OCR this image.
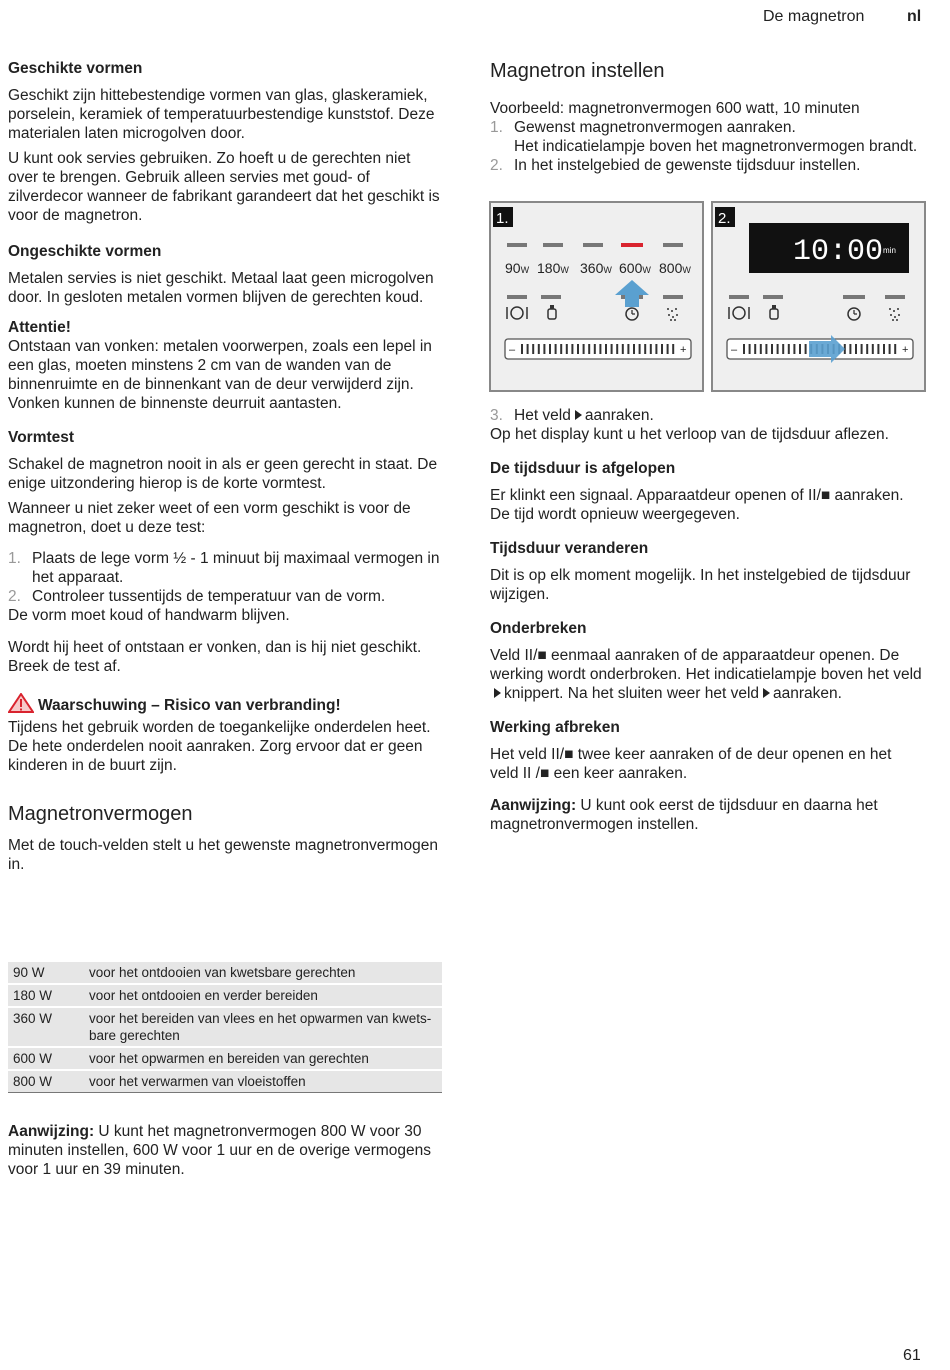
De magnetron	nl

Geschikte vormen

Geschikt zijn hittebestendige vormen van glas, glaskeramiek, porselein, keramiek of temperatuurbestendige kunststof. Deze materialen laten microgolven door.

U kunt ook servies gebruiken. Zo hoeft u de gerechten niet over te brengen. Gebruik alleen servies met goud- of zilverdecor wanneer de fabrikant garandeert dat het geschikt is voor de magnetron.

Ongeschikte vormen

Metalen servies is niet geschikt. Metaal laat geen microgolven door. In gesloten metalen vormen blijven de gerechten koud.

Attentie!

Ontstaan van vonken: metalen voorwerpen, zoals een lepel in een glas, moeten minstens 2 cm van de wanden van de binnenruimte en de binnenkant van de deur verwijderd zijn. Vonken kunnen de binnenste deurruit aantasten.

Vormtest

Schakel de magnetron nooit in als er geen gerecht in staat. De enige uitzondering hierop is de korte vormtest.

Wanneer u niet zeker weet of een vorm geschikt is voor de magnetron, doet u deze test:

1. Plaats de lege vorm ½ - 1 minuut bij maximaal vermogen in het apparaat.
2. Controleer tussentijds de temperatuur van de vorm.

De vorm moet koud of handwarm blijven.

Wordt hij heet of ontstaan er vonken, dan is hij niet geschikt.

Breek de test af.

Waarschuwing – Risico van verbranding!

Tijdens het gebruik worden de toegankelijke onderdelen heet. De hete onderdelen nooit aanraken. Zorg ervoor dat er geen kinderen in de buurt zijn.

Magnetronvermogen

Met de touch-velden stelt u het gewenste magnetronvermogen in.

90 W	voor het ontdooien van kwetsbare gerechten
180 W	voor het ontdooien en verder bereiden
360 W	voor het bereiden van vlees en het opwarmen van kwets-bare gerechten
600 W	voor het opwarmen en bereiden van gerechten
800 W	voor het verwarmen van vloeistoffen

Aanwijzing: U kunt het magnetronvermogen 800 W voor 30 minuten instellen, 600 W voor 1 uur en de overige vermogens voor 1 uur en 39 minuten.

Magnetron instellen

Voorbeeld: magnetronvermogen 600 watt, 10 minuten

1. Gewenst magnetronvermogen aanraken.
Het indicatielampje boven het magnetronvermogen brandt.
2. In het instelgebied de gewenste tijdsduur instellen.
1.
90W 180W 360W 600W 800W
–	+
2.
10:00 min
–	+
3. Het veld aanraken.

Op het display kunt u het verloop van de tijdsduur aflezen.

De tijdsduur is afgelopen

Er klinkt een signaal. Apparaatdeur openen of II/■ aanraken. De tijd wordt opnieuw weergegeven.

Tijdsduur veranderen

Dit is op elk moment mogelijk. In het instelgebied de tijdsduur wijzigen.

Onderbreken

Veld II/■ eenmaal aanraken of de apparaatdeur openen. De werking wordt onderbroken. Het indicatielampje boven het veldknippert. Na het sluiten weer het veld aanraken.

Werking afbreken

Het veld II/■ twee keer aanraken of de deur openen en het veld II /■ een keer aanraken.

Aanwijzing: U kunt ook eerst de tijdsduur en daarna het magnetronvermogen instellen.

61
